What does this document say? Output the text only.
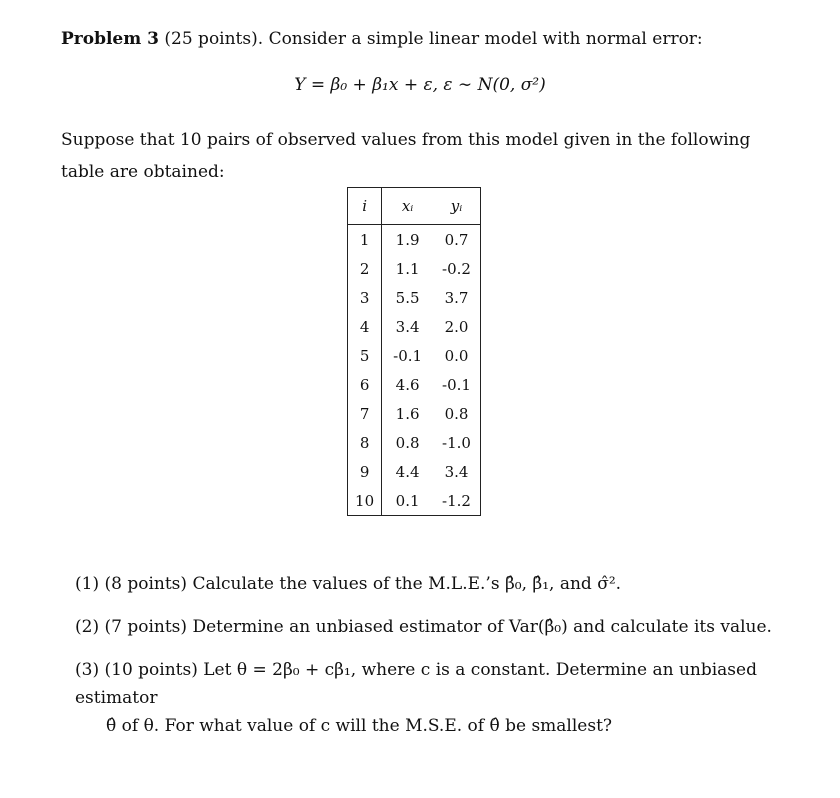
Problem 3 (25 points). Consider a simple linear model with normal error:
Y = β₀ + β₁x + ε, ε ∼ N(0, σ²)
Suppose that 10 pairs of observed values from this model given in the following table are obtained:
i	xᵢ	yᵢ
1	1.9	0.7
2	1.1	-0.2
3	5.5	3.7
4	3.4	2.0
5	-0.1	0.0
6	4.6	-0.1
7	1.6	0.8
8	0.8	-1.0
9	4.4	3.4
10	0.1	-1.2
(1) (8 points) Calculate the values of the M.L.E.’s β̂₀, β̂₁, and σ̂².
(2) (7 points) Determine an unbiased estimator of Var(β̂₀) and calculate its value.
(3) (10 points) Let θ = 2β₀ + cβ₁, where c is a constant. Determine an unbiased estimator
θ̂ of θ. For what value of c will the M.S.E. of θ̂ be smallest?
